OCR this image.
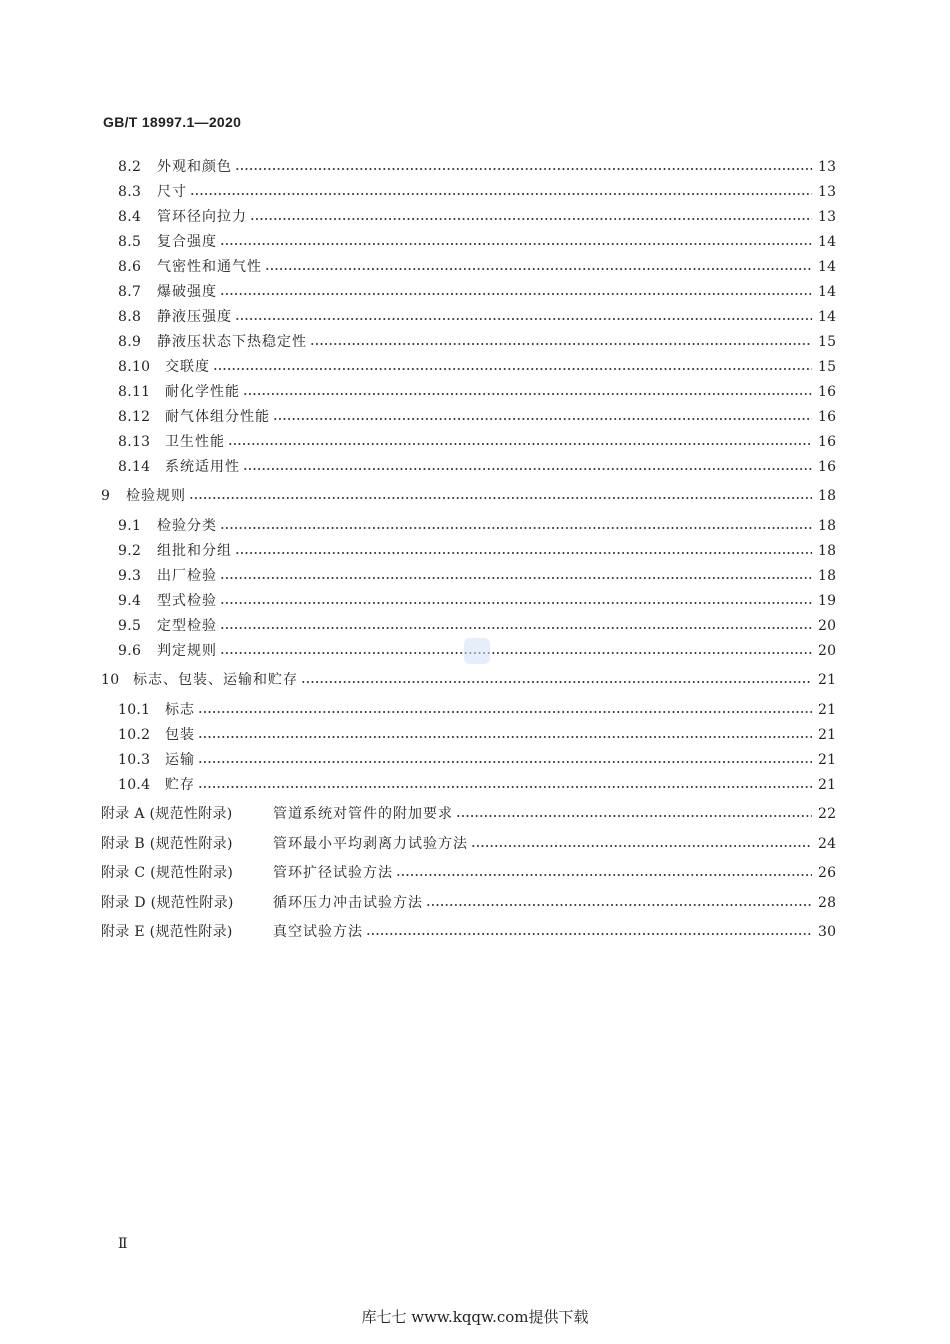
GB/T 18997.1—2020
8.2	外观和颜色	13
8.3	尺寸	13
8.4	管环径向拉力	13
8.5	复合强度	14
8.6	气密性和通气性	14
8.7	爆破强度	14
8.8	静液压强度	14
8.9	静液压状态下热稳定性	15
8.10	交联度	15
8.11	耐化学性能	16
8.12	耐气体组分性能	16
8.13	卫生性能	16
8.14	系统适用性	16
9	检验规则	18
9.1	检验分类	18
9.2	组批和分组	18
9.3	出厂检验	18
9.4	型式检验	19
9.5	定型检验	20
9.6	判定规则	20
10 标志、包装、运输和贮存	21
10.1	标志	21
10.2	包装	21
10.3	运输	21
10.4	贮存	21
附录 A (规范性附录)	管道系统对管件的附加要求	22
附录 B (规范性附录)	管环最小平均剥离力试验方法	24
附录 C (规范性附录)	管环扩径试验方法	26
附录 D (规范性附录)	循环压力冲击试验方法	28
附录 E (规范性附录)	真空试验方法	30
Ⅱ
库七七 www.kqqw.com提供下载
